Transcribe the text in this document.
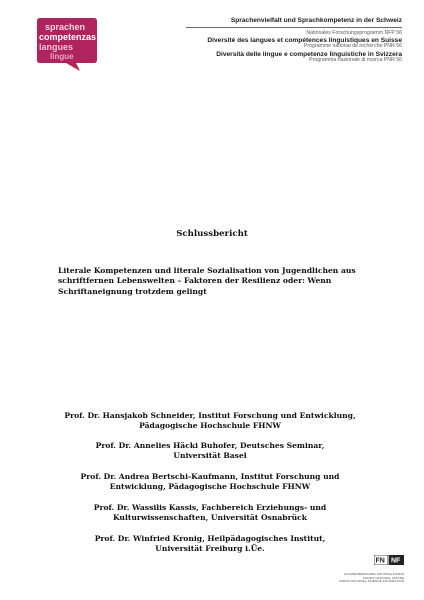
sprachen
competenzas
langues
lingue
Sprachenvielfalt und Sprachkompetenz in der Schweiz
Nationales Forschungsprogramm NFP 56
Diversité des langues et compétences linguistiques en Suisse
Programme national de recherche PNR 56
Diversità delle lingue e competenze linguistiche in Svizzera
Programma nazionale di ricerca PNR 56
Schlussbericht
Literale Kompetenzen und literale Sozialisation von Jugendlichen aus
schriftfernen Lebenswelten – Faktoren der Resilienz oder: Wenn
Schriftaneignung trotzdem gelingt
Prof. Dr. Hansjakob Schneider, Institut Forschung und Entwicklung,
Pädagogische Hochschule FHNW
Prof. Dr. Annelies Häcki Buhofer, Deutsches Seminar,
Universität Basel
Prof. Dr. Andrea Bertschi-Kaufmann, Institut Forschung und
Entwicklung, Pädagogische Hochschule FHNW
Prof. Dr. Wassilis Kassis, Fachbereich Erziehungs- und
Kulturwissenschaften, Universität Osnabrück
Prof. Dr. Winfried Kronig, Heilpädagogisches Institut,
Universität Freiburg i.Üe.
FN NF
SCHWEIZERISCHER NATIONALFONDS
FONDS NATIONAL SUISSE
SWISS NATIONAL SCIENCE FOUNDATION
